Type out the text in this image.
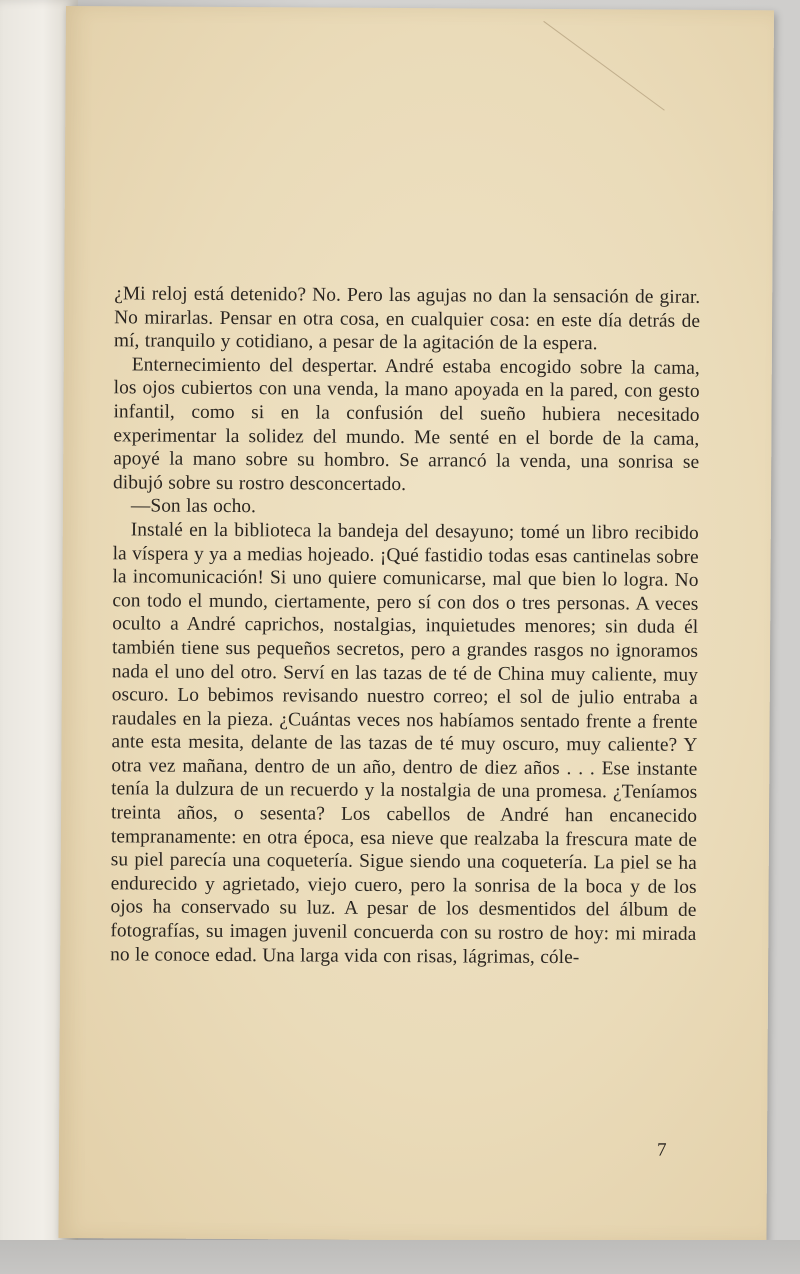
¿Mi reloj está detenido? No. Pero las agujas no dan la sensación de girar. No mirarlas. Pensar en otra cosa, en cualquier cosa: en este día detrás de mí, tranquilo y cotidiano, a pesar de la agitación de la espera.

Enternecimiento del despertar. André estaba encogido sobre la cama, los ojos cubiertos con una venda, la mano apoyada en la pared, con gesto infantil, como si en la confusión del sueño hubiera necesitado experimentar la solidez del mundo. Me senté en el borde de la cama, apoyé la mano sobre su hombro. Se arrancó la venda, una sonrisa se dibujó sobre su rostro desconcertado.

—Son las ocho.

Instalé en la biblioteca la bandeja del desayuno; tomé un libro recibido la víspera y ya a medias hojeado. ¡Qué fastidio todas esas cantinelas sobre la incomunicación! Si uno quiere comunicarse, mal que bien lo logra. No con todo el mundo, ciertamente, pero sí con dos o tres personas. A veces oculto a André caprichos, nostalgias, inquietudes menores; sin duda él también tiene sus pequeños secretos, pero a grandes rasgos no ignoramos nada el uno del otro. Serví en las tazas de té de China muy caliente, muy oscuro. Lo bebimos revisando nuestro correo; el sol de julio entraba a raudales en la pieza. ¿Cuántas veces nos habíamos sentado frente a frente ante esta mesita, delante de las tazas de té muy oscuro, muy caliente? Y otra vez mañana, dentro de un año, dentro de diez años . . . Ese instante tenía la dulzura de un recuerdo y la nostalgia de una promesa. ¿Teníamos treinta años, o sesenta? Los cabellos de André han encanecido tempranamente: en otra época, esa nieve que realzaba la frescura mate de su piel parecía una coquetería. Sigue siendo una coquetería. La piel se ha endurecido y agrietado, viejo cuero, pero la sonrisa de la boca y de los ojos ha conservado su luz. A pesar de los desmentidos del álbum de fotografías, su imagen juvenil concuerda con su rostro de hoy: mi mirada no le conoce edad. Una larga vida con risas, lágrimas, cóle-

7
